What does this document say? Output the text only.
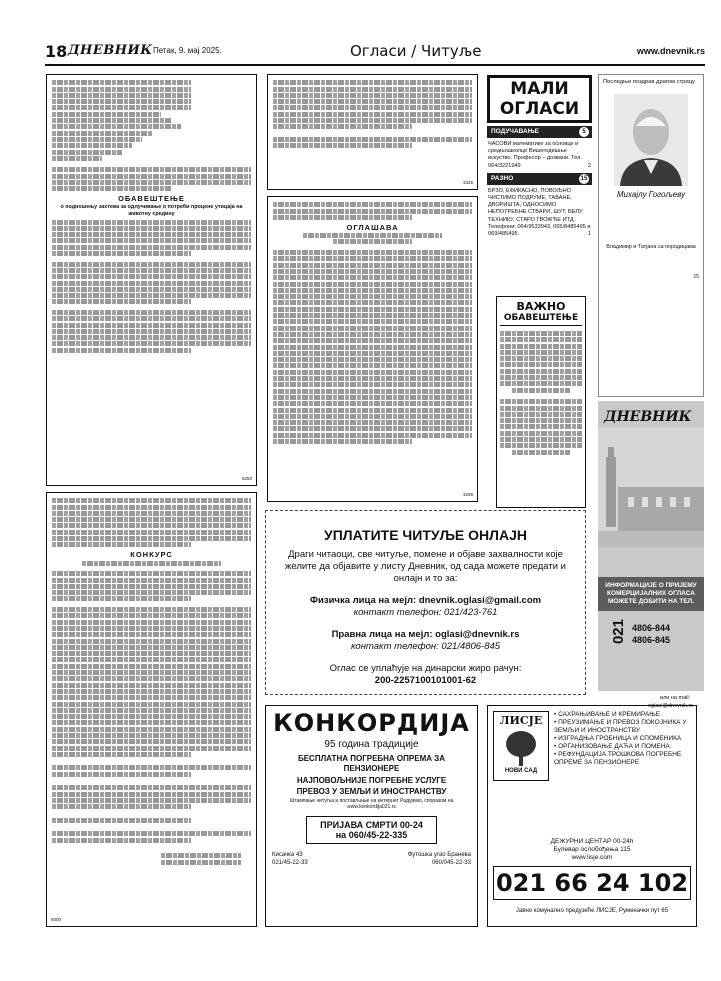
18 ДНЕВНИК Петак, 9. мај 2025.	Огласи / Читуље	www.dnevnik.rs
ОБАВЕШТЕЊЕ

о подношењу захтева за одлучивање о потреби процене утицаја на животну средину

6250
3325
ОГЛАШАВА
3259
КОНКУРС
5000
МАЛИ
ОГЛАСИ
ПОДУЧАВАЊЕ	5
ЧАСОВИ математике за основце и средњошколце Вишегодишње искуство. Професор – дозвани. Тел. 064/3221949	2
РАЗНО	15
БРЗО, ЕФИКАСНО, ПОВОЉНО ЧИСТИМО ПОДРУМЕ, ТАВАНЕ, ДВОРИШТА, ОДНОСИМО НЕПОТРЕБНЕ СТВАРИ, ШУТ, БЕЛУ ТЕХНИКУ, СТАРО ГВОЖЂЕ ИТД. Телефони: 064/9533943, 065/8485495 и 069/485495	1
ВАЖНО
ОБАВЕШТЕЊЕ
Последњи поздрав драгом стрицу
Михајлу Гогољеву
Владимир и Татјана са породицама
15
ДНЕВНИК
ИНФОРМАЦИЈЕ О ПРИЈЕМУ КОМЕРЦИЈАЛНИХ ОГЛАСА МОЖЕТЕ ДОБИТИ НА ТЕЛ.
021 4806-844
4806-845
или на mail:
oglasi@dnevnik.rs
УПЛАТИТЕ ЧИТУЉЕ ОНЛАЈН
Драги читаоци, све читуље, помене и објаве захвалности које желите да објавите у листу Дневник, од сада можете предати и онлајн и то за:
Физичка лица на мејл: dnevnik.oglasi@gmail.com
контакт телефон: 021/423-761
Правна лица на мејл: oglasi@dnevnik.rs
контакт телефон: 021/4806-845
Оглас се уплаћује на динарски жиро рачун:
200-2257100101001-62
КОНКОРДИЈА
95 година традиције
БЕСПЛАТНА ПОГРЕБНА ОПРЕМА ЗА ПЕНЗИОНЕРЕ
НАЈПОВОЉНИЈЕ ПОГРЕБНЕ УСЛУГЕ
ПРЕВОЗ У ЗЕМЉИ И ИНОСТРАНСТВУ
Штампање читуља и постављање на интернет Радујемо, споразом на www.konkordija021.rs
ПРИЈАВА СМРТИ 00-24
на 060/45-22-335
Кисачка 43
021/45-22-33
Футошка угао Бранева
060/045-22-33
ЛИСЈЕ
НОВИ САД
• САХРАЊИВАЊЕ И КРЕМИРАЊЕ
• ПРЕУЗИМАЊЕ И ПРЕВОЗ ПОКОЈНИКА У ЗЕМЉИ И ИНОСТРАНСТВУ
• ИЗГРАДЊА ГРОБНИЦА И СПОМЕНИКА
• ОРГАНИЗОВАЊЕ ДАЋА И ПОМЕНА
• РЕФУНДАЦИЈА ТРОШКОВА ПОГРЕБНЕ ОПРЕМЕ ЗА ПЕНЗИОНЕРЕ
ДЕЖУРНИ ЦЕНТАР 00-24h
Булевар ослобођења 115
www.lisje.com
021 66 24 102
Јавно комунално предузеће ЛИСЈЕ, Руменачки пут 65
